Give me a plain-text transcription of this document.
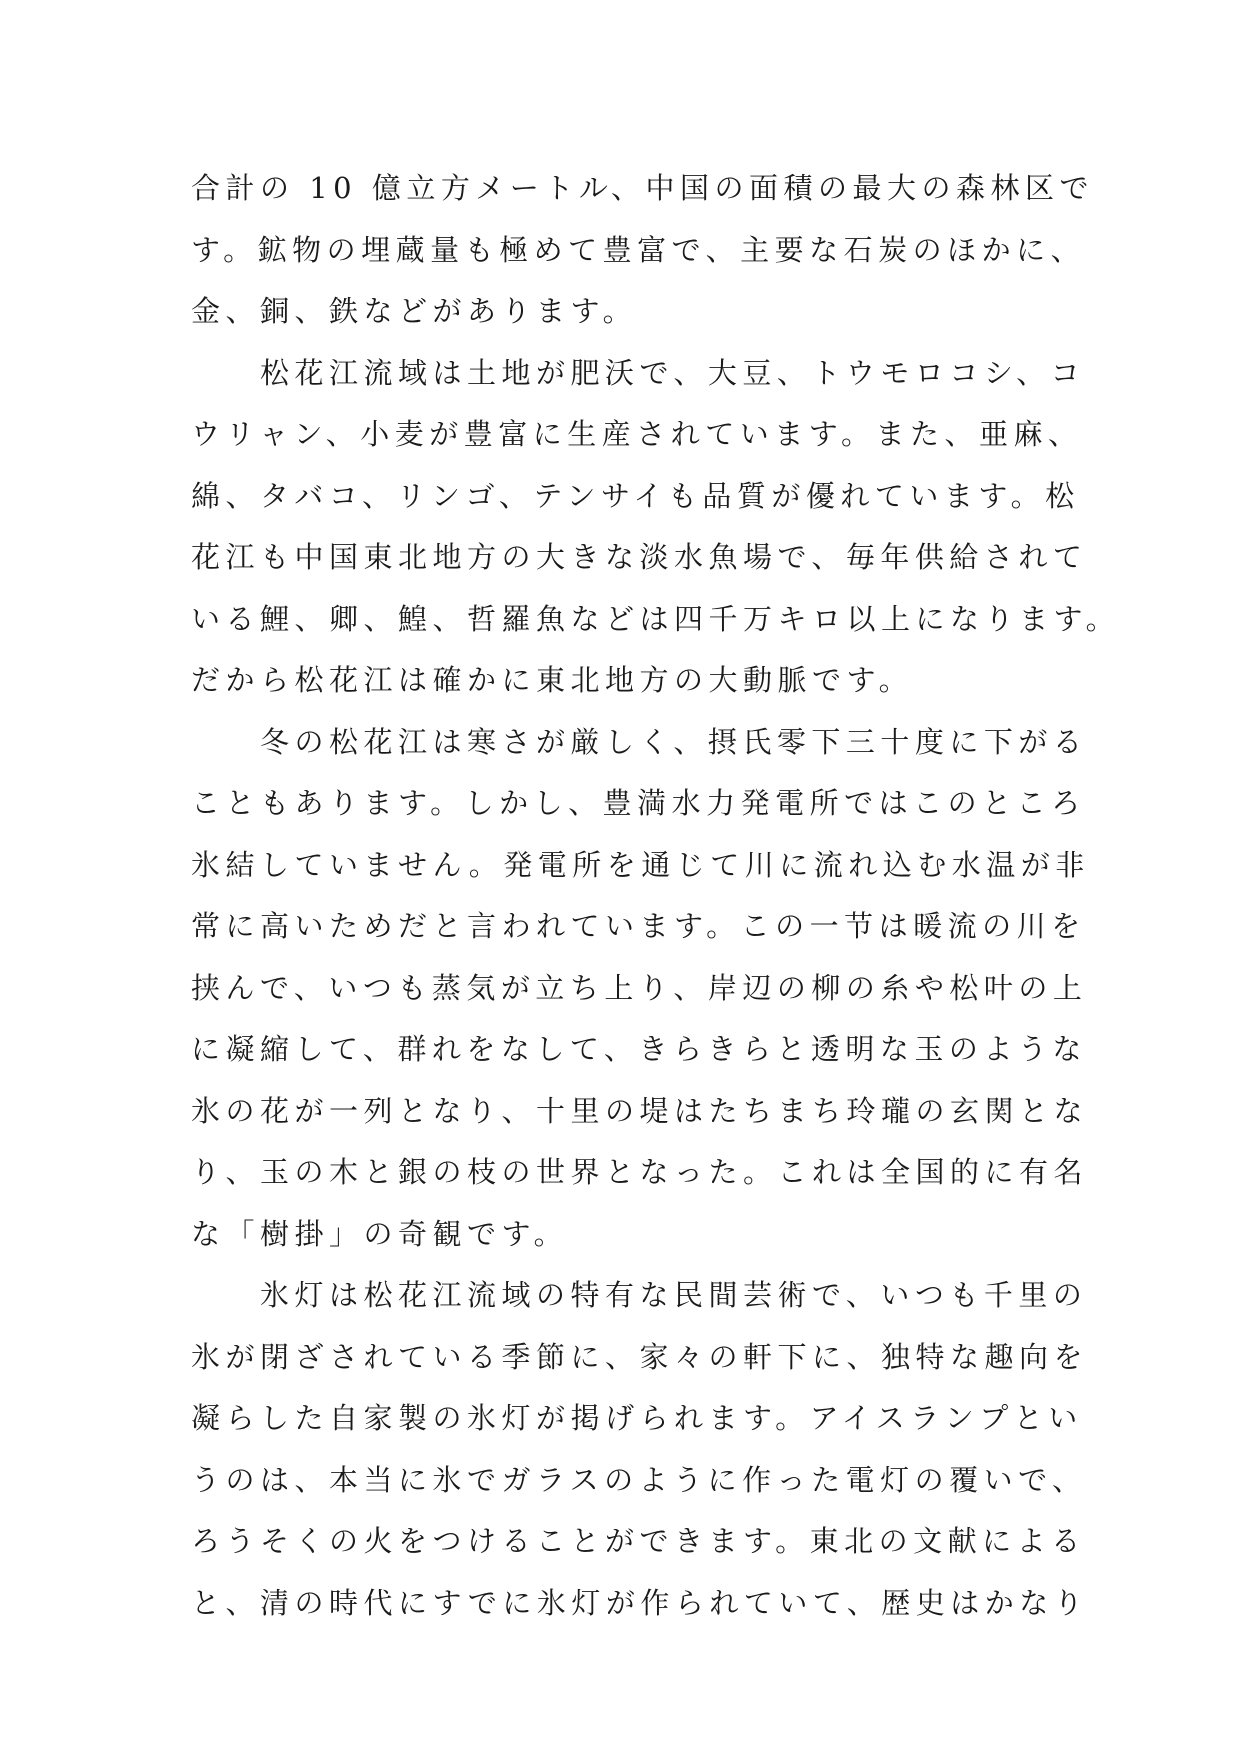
合計の 10 億立方メートル、中国の面積の最大の森林区で
す。鉱物の埋蔵量も極めて豊富で、主要な石炭のほかに、
金、銅、鉄などがあります。
　　松花江流域は土地が肥沃で、大豆、トウモロコシ、コ
ウリャン、小麦が豊富に生産されています。また、亜麻、
綿、タバコ、リンゴ、テンサイも品質が優れています。松
花江も中国東北地方の大きな淡水魚場で、毎年供給されて
いる鯉、卿、鰉、哲羅魚などは四千万キロ以上になります。
だから松花江は確かに東北地方の大動脈です。
　　冬の松花江は寒さが厳しく、摂氏零下三十度に下がる
こともあります。しかし、豊満水力発電所ではこのところ
氷結していません。発電所を通じて川に流れ込む水温が非
常に高いためだと言われています。この一节は暖流の川を
挟んで、いつも蒸気が立ち上り、岸辺の柳の糸や松叶の上
に凝縮して、群れをなして、きらきらと透明な玉のような
氷の花が一列となり、十里の堤はたちまち玲瓏の玄関とな
り、玉の木と銀の枝の世界となった。これは全国的に有名
な「樹掛」の奇観です。
　　氷灯は松花江流域の特有な民間芸術で、いつも千里の
氷が閉ざされている季節に、家々の軒下に、独特な趣向を
凝らした自家製の氷灯が掲げられます。アイスランプとい
うのは、本当に氷でガラスのように作った電灯の覆いで、
ろうそくの火をつけることができます。東北の文献による
と、清の時代にすでに氷灯が作られていて、歴史はかなり
